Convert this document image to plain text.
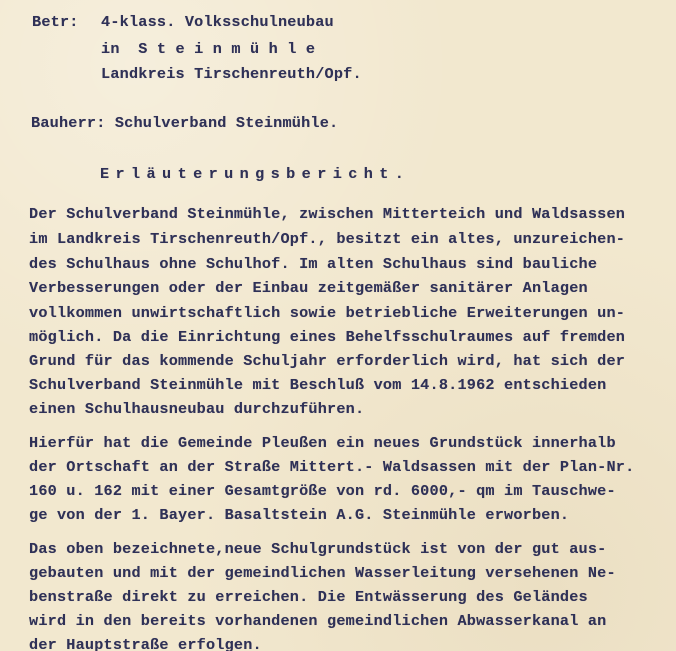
Betr: 4-klass. Volksschulneubau
in  S t e i n m ü h l e
Landkreis Tirschenreuth/Opf.
Bauherr: Schulverband Steinmühle.
Erläuterungsbericht.
Der Schulverband Steinmühle, zwischen Mitterteich und Waldsassen
im Landkreis Tirschenreuth/Opf., besitzt ein altes, unzureichen-
des Schulhaus ohne Schulhof. Im alten Schulhaus sind bauliche
Verbesserungen oder der Einbau zeitgemäßer sanitärer Anlagen
vollkommen unwirtschaftlich sowie betriebliche Erweiterungen un-
möglich. Da die Einrichtung eines Behelfsschulraumes auf fremden
Grund für das kommende Schuljahr erforderlich wird, hat sich der
Schulverband Steinmühle mit Beschluß vom 14.8.1962 entschieden
einen Schulhausneubau durchzuführen.
Hierfür hat die Gemeinde Pleußen ein neues Grundstück innerhalb
der Ortschaft an der Straße Mittert.- Waldsassen mit der Plan-Nr.
160 u. 162 mit einer Gesamtgröße von rd. 6000,- qm im Tauschwe-
ge von der 1. Bayer. Basaltstein A.G. Steinmühle erworben.
Das oben bezeichnete,neue Schulgrundstück ist von der gut aus-
gebauten und mit der gemeindlichen Wasserleitung versehenen Ne-
benstraße direkt zu erreichen. Die Entwässerung des Geländes
wird in den bereits vorhandenen gemeindlichen Abwasserkanal an
der Hauptstraße erfolgen.
